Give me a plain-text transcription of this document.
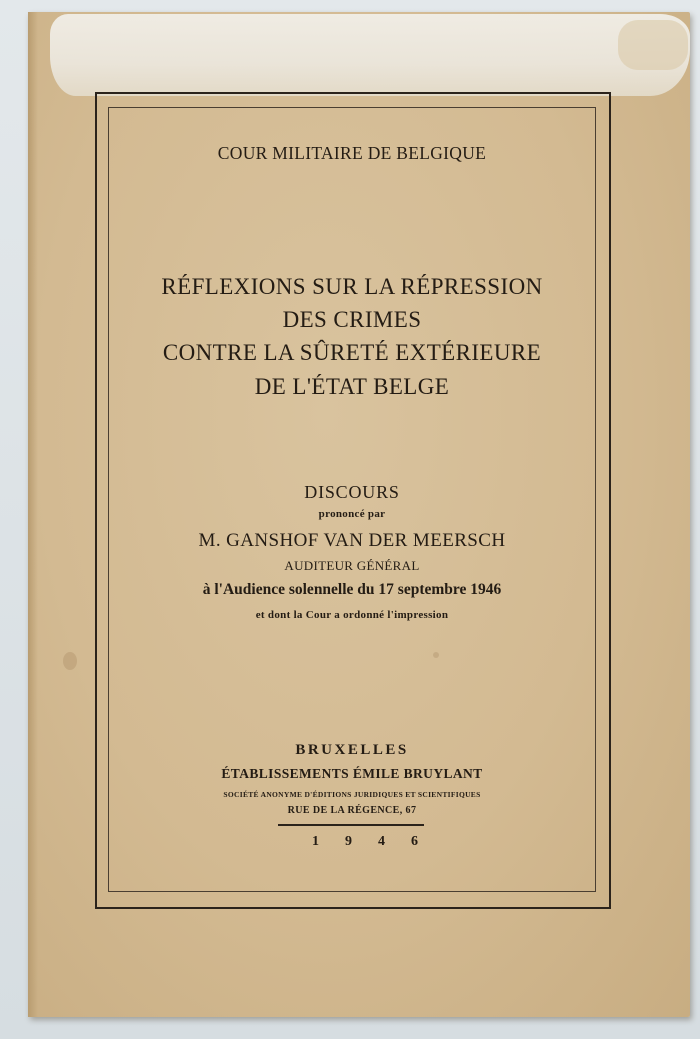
COUR MILITAIRE DE BELGIQUE
RÉFLEXIONS SUR LA RÉPRESSION
DES CRIMES
CONTRE LA SÛRETÉ EXTÉRIEURE
DE L'ÉTAT BELGE
DISCOURS
prononcé par
M. GANSHOF VAN DER MEERSCH
AUDITEUR GÉNÉRAL
à l'Audience solennelle du 17 septembre 1946
et dont la Cour a ordonné l'impression
BRUXELLES
ÉTABLISSEMENTS ÉMILE BRUYLANT
SOCIÉTÉ ANONYME D'ÉDITIONS JURIDIQUES ET SCIENTIFIQUES
RUE DE LA RÉGENCE, 67
1946
